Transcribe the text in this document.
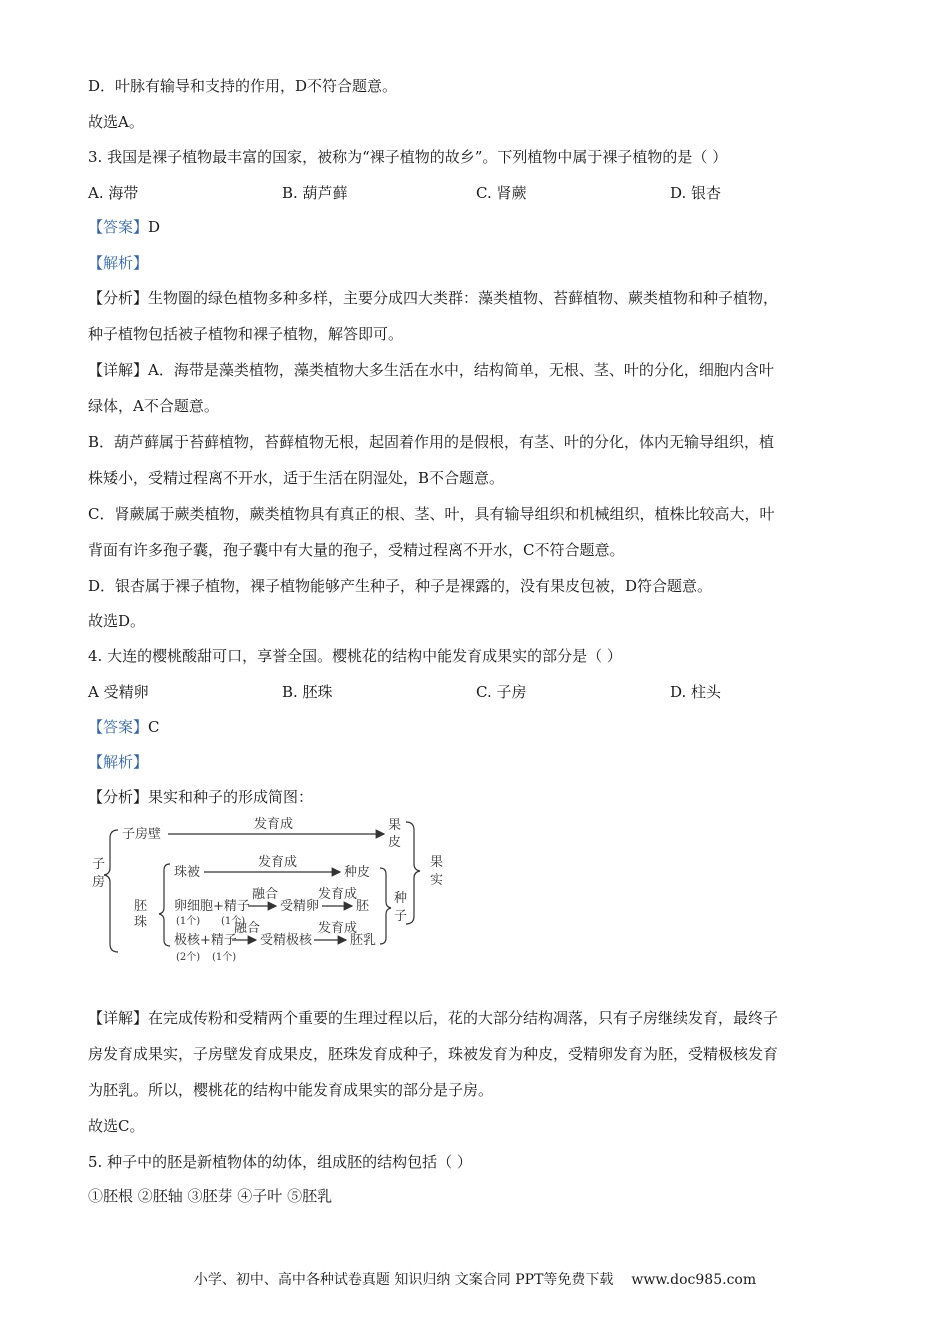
D．叶脉有输导和支持的作用，D不符合题意。
故选A。
3. 我国是裸子植物最丰富的国家，被称为“裸子植物的故乡”。下列植物中属于裸子植物的是（ ）
A. 海带	B. 葫芦藓	C. 肾蕨	D. 银杏
【答案】D
【解析】
【分析】生物圈的绿色植物多种多样，主要分成四大类群：藻类植物、苔藓植物、蕨类植物和种子植物，
种子植物包括被子植物和裸子植物，解答即可。
【详解】A．海带是藻类植物，藻类植物大多生活在水中，结构简单，无根、茎、叶的分化，细胞内含叶
绿体，A不合题意。
B．葫芦藓属于苔藓植物，苔藓植物无根，起固着作用的是假根，有茎、叶的分化，体内无输导组织，植
株矮小，受精过程离不开水，适于生活在阴湿处，B不合题意。
C．肾蕨属于蕨类植物，蕨类植物具有真正的根、茎、叶，具有输导组织和机械组织，植株比较高大，叶
背面有许多孢子囊，孢子囊中有大量的孢子，受精过程离不开水，C不符合题意。
D．银杏属于裸子植物，裸子植物能够产生种子，种子是裸露的，没有果皮包被，D符合题意。
故选D。
4. 大连的樱桃酸甜可口，享誉全国。樱桃花的结构中能发育成果实的部分是（ ）
A 受精卵	B. 胚珠	C. 子房	D. 柱头
【答案】C
【解析】
【分析】果实和种子的形成简图：
子
房
子房壁
发育成	果
皮
胚
珠
珠被
发育成
种皮
卵细胞+精子
(1个) (1个)
融合
受精卵
发育成
胚
极核+精子
(2个) (1个)
融合
受精极核
发育成
胚乳
种
子
果
实
【详解】在完成传粉和受精两个重要的生理过程以后，花的大部分结构凋落，只有子房继续发育，最终子
房发育成果实，子房壁发育成果皮，胚珠发育成种子，珠被发育为种皮，受精卵发育为胚，受精极核发育
为胚乳。所以，樱桃花的结构中能发育成果实的部分是子房。
故选C。
5. 种子中的胚是新植物体的幼体，组成胚的结构包括（ ）
①胚根 ②胚轴 ③胚芽 ④子叶 ⑤胚乳
小学、初中、高中各种试卷真题 知识归纳 文案合同 PPT等免费下载 www.doc985.com
